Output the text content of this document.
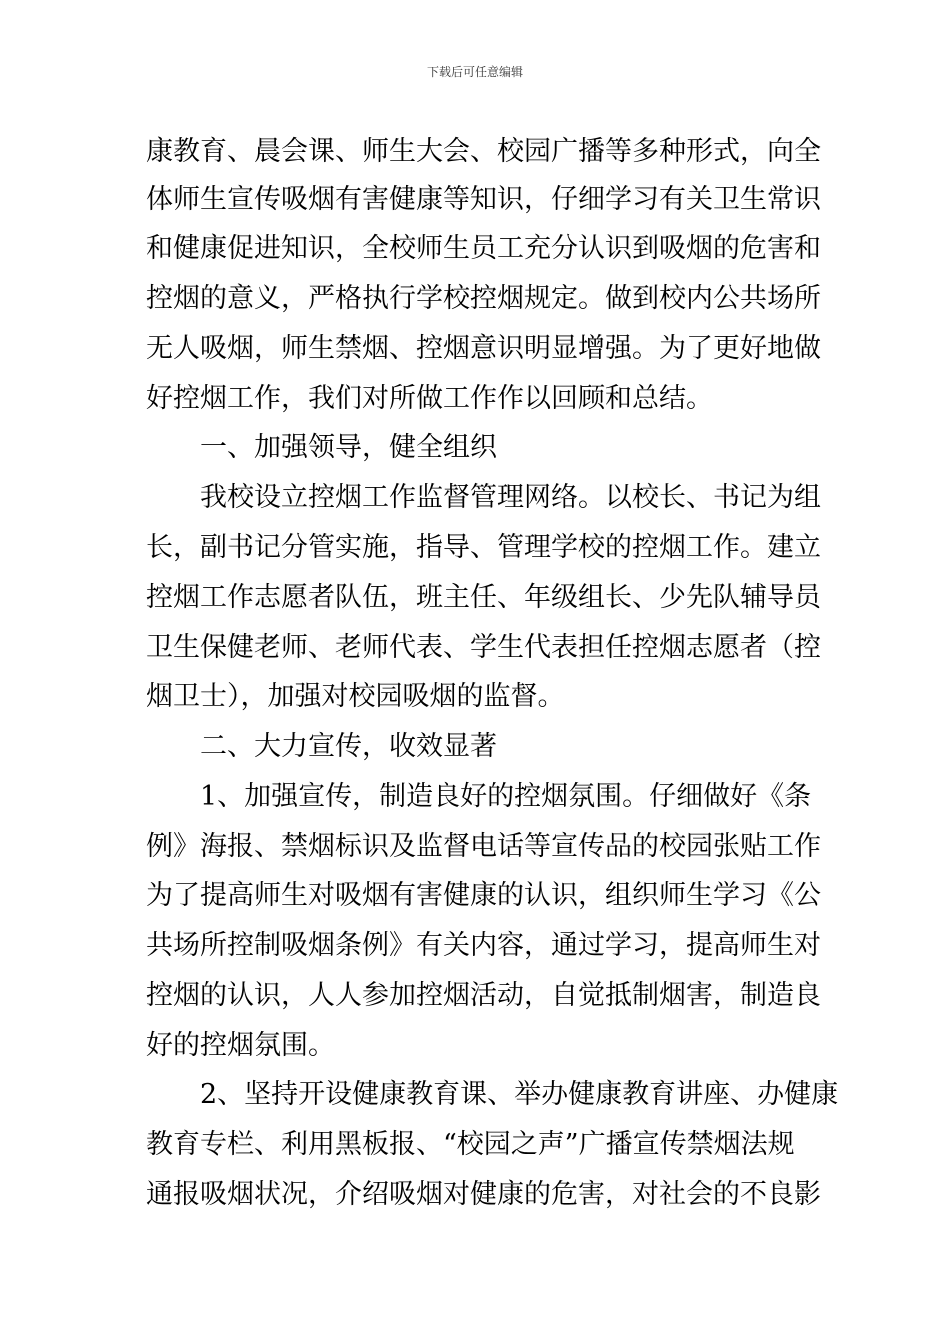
下载后可任意编辑
康教育、晨会课、师生大会、校园广播等多种形式，向全
体师生宣传吸烟有害健康等知识，仔细学习有关卫生常识
和健康促进知识，全校师生员工充分认识到吸烟的危害和
控烟的意义，严格执行学校控烟规定。做到校内公共场所
无人吸烟，师生禁烟、控烟意识明显增强。为了更好地做
好控烟工作，我们对所做工作作以回顾和总结。
一、加强领导，健全组织
我校设立控烟工作监督管理网络。以校长、书记为组
长，副书记分管实施，指导、管理学校的控烟工作。建立
控烟工作志愿者队伍，班主任、年级组长、少先队辅导员
卫生保健老师、老师代表、学生代表担任控烟志愿者（控
烟卫士），加强对校园吸烟的监督。
二、大力宣传，收效显著
1、加强宣传，制造良好的控烟氛围。仔细做好《条
例》海报、禁烟标识及监督电话等宣传品的校园张贴工作
为了提高师生对吸烟有害健康的认识，组织师生学习《公
共场所控制吸烟条例》有关内容，通过学习，提高师生对
控烟的认识，人人参加控烟活动，自觉抵制烟害，制造良
好的控烟氛围。
2、坚持开设健康教育课、举办健康教育讲座、办健康
教育专栏、利用黑板报、“校园之声”广播宣传禁烟法规
通报吸烟状况，介绍吸烟对健康的危害，对社会的不良影
